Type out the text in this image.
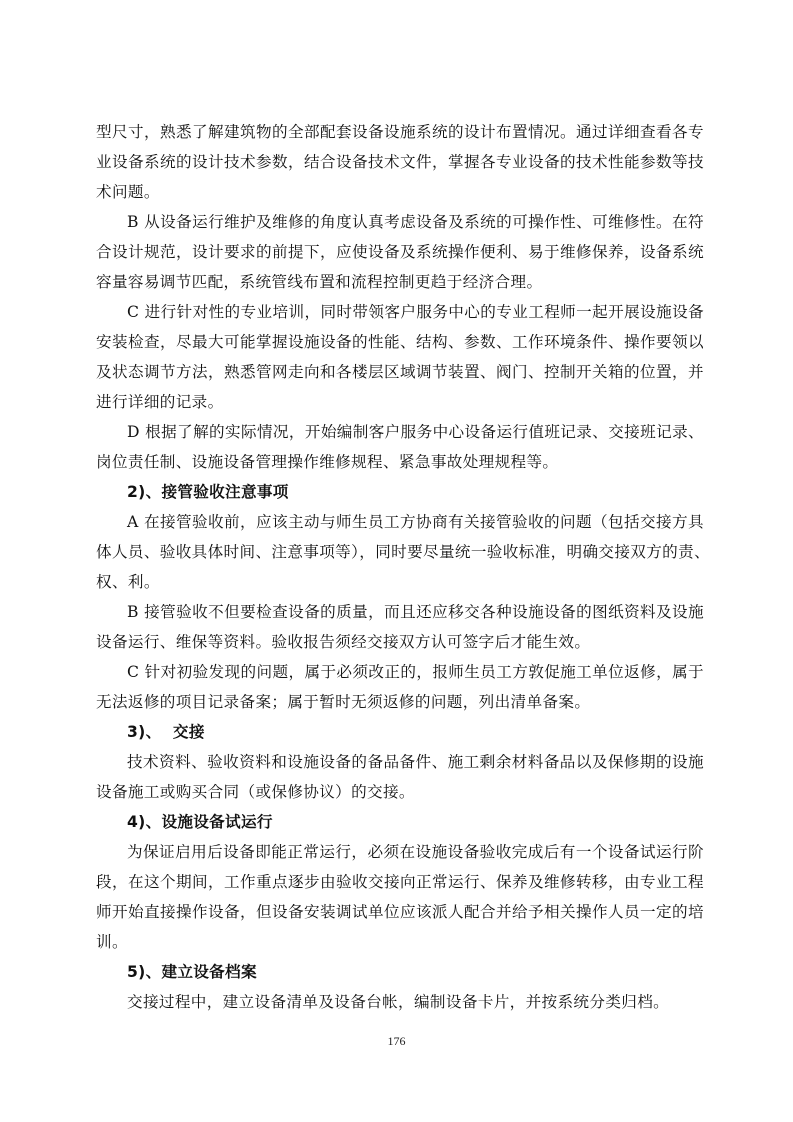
型尺寸，熟悉了解建筑物的全部配套设备设施系统的设计布置情况。通过详细查看各专
业设备系统的设计技术参数，结合设备技术文件，掌握各专业设备的技术性能参数等技
术问题。
B 从设备运行维护及维修的角度认真考虑设备及系统的可操作性、可维修性。在符
合设计规范，设计要求的前提下，应使设备及系统操作便利、易于维修保养，设备系统
容量容易调节匹配，系统管线布置和流程控制更趋于经济合理。
C 进行针对性的专业培训，同时带领客户服务中心的专业工程师一起开展设施设备
安装检查，尽最大可能掌握设施设备的性能、结构、参数、工作环境条件、操作要领以
及状态调节方法，熟悉管网走向和各楼层区域调节装置、阀门、控制开关箱的位置，并
进行详细的记录。
D 根据了解的实际情况，开始编制客户服务中心设备运行值班记录、交接班记录、
岗位责任制、设施设备管理操作维修规程、紧急事故处理规程等。
2)、接管验收注意事项
A 在接管验收前，应该主动与师生员工方协商有关接管验收的问题（包括交接方具
体人员、验收具体时间、注意事项等），同时要尽量统一验收标准，明确交接双方的责、
权、利。
B 接管验收不但要检查设备的质量，而且还应移交各种设施设备的图纸资料及设施
设备运行、维保等资料。验收报告须经交接双方认可签字后才能生效。
C 针对初验发现的问题，属于必须改正的，报师生员工方敦促施工单位返修，属于
无法返修的项目记录备案；属于暂时无须返修的问题，列出清单备案。
3)、  交接
技术资料、验收资料和设施设备的备品备件、施工剩余材料备品以及保修期的设施
设备施工或购买合同（或保修协议）的交接。
4)、设施设备试运行
为保证启用后设备即能正常运行，必须在设施设备验收完成后有一个设备试运行阶
段，在这个期间，工作重点逐步由验收交接向正常运行、保养及维修转移，由专业工程
师开始直接操作设备，但设备安装调试单位应该派人配合并给予相关操作人员一定的培
训。
5)、建立设备档案
交接过程中，建立设备清单及设备台帐，编制设备卡片，并按系统分类归档。
176
